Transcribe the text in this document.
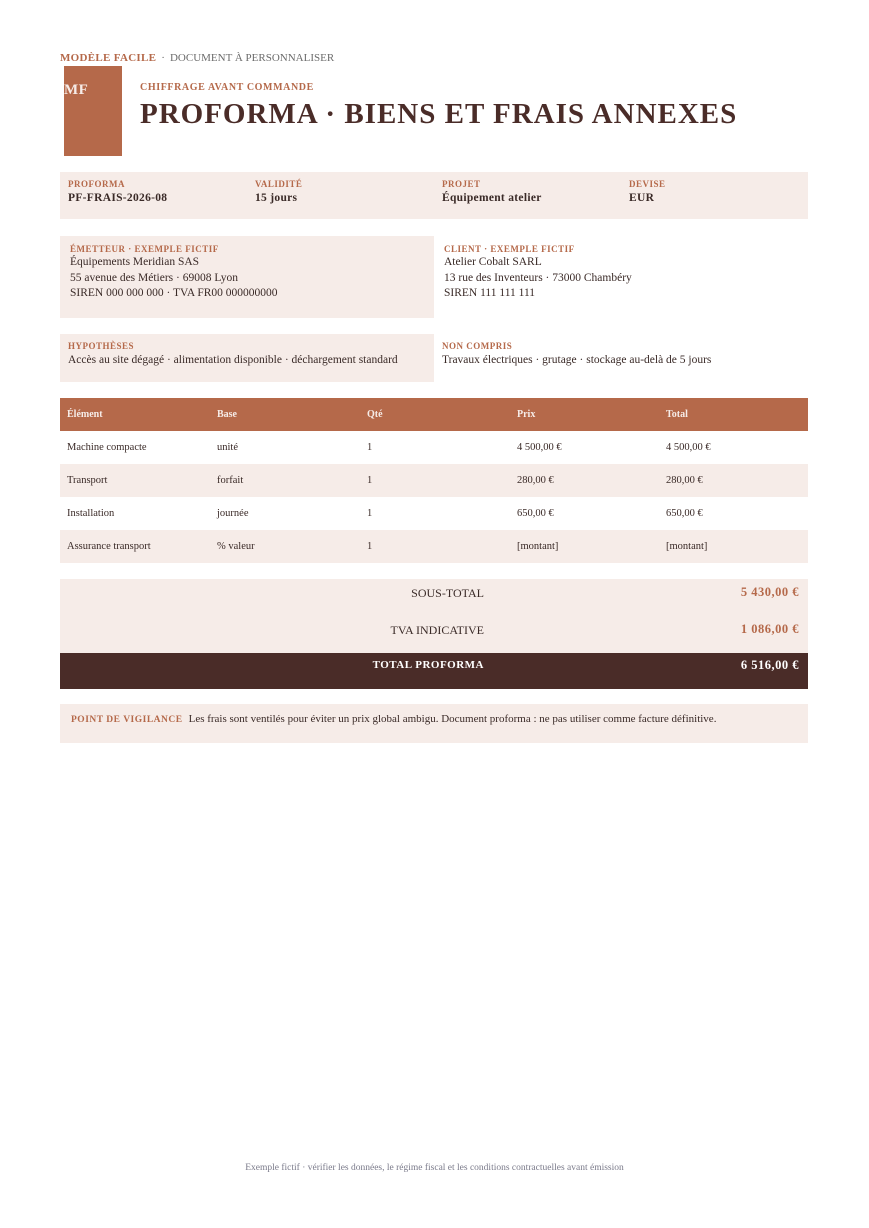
MODÈLE FACILE · DOCUMENT À PERSONNALISER
MF	CHIFFRAGE AVANT COMMANDE
PROFORMA · BIENS ET FRAIS ANNEXES
PROFORMA
PF-FRAIS-2026-08
VALIDITÉ
15 jours
PROJET
Équipement atelier
DEVISE
EUR
ÉMETTEUR · EXEMPLE FICTIF
Équipements Meridian SAS
55 avenue des Métiers · 69008 Lyon
SIREN 000 000 000 · TVA FR00 000000000
CLIENT · EXEMPLE FICTIF
Atelier Cobalt SARL
13 rue des Inventeurs · 73000 Chambéry
SIREN 111 111 111
HYPOTHÈSES
Accès au site dégagé · alimentation disponible · déchargement standard
NON COMPRIS
Travaux électriques · grutage · stockage au-delà de 5 jours
Élément	Base	Qté	Prix	Total
Machine compacte	unité	1	4 500,00 €	4 500,00 €
Transport	forfait	1	280,00 €	280,00 €
Installation	journée	1	650,00 €	650,00 €
Assurance transport	% valeur	1	[montant]	[montant]
SOUS-TOTAL	5 430,00 €
TVA INDICATIVE	1 086,00 €
TOTAL PROFORMA	6 516,00 €
POINT DE VIGILANCE Les frais sont ventilés pour éviter un prix global ambigu. Document proforma : ne pas utiliser comme facture définitive.
Exemple fictif · vérifier les données, le régime fiscal et les conditions contractuelles avant émission
